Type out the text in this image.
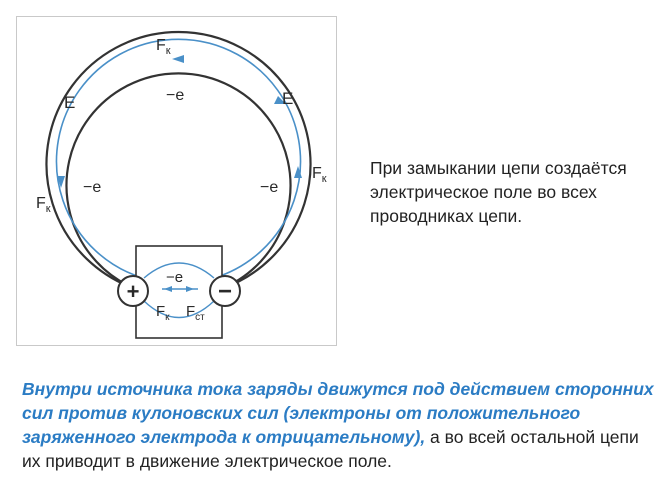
+	−
E	E
−e
−e	−e
−e
$F_к$
$F_к$
$F_к$
$F_к$ $F_{ст}$
При замыкании цепи создаётся электрическое поле во всех проводниках цепи.
Внутри источника тока заряды движутся под действием сторонних сил против кулоновских сил (электроны от положительного заряженного электрода к отрицательному), а во всей остальной цепи их приводит в движение электрическое поле.
